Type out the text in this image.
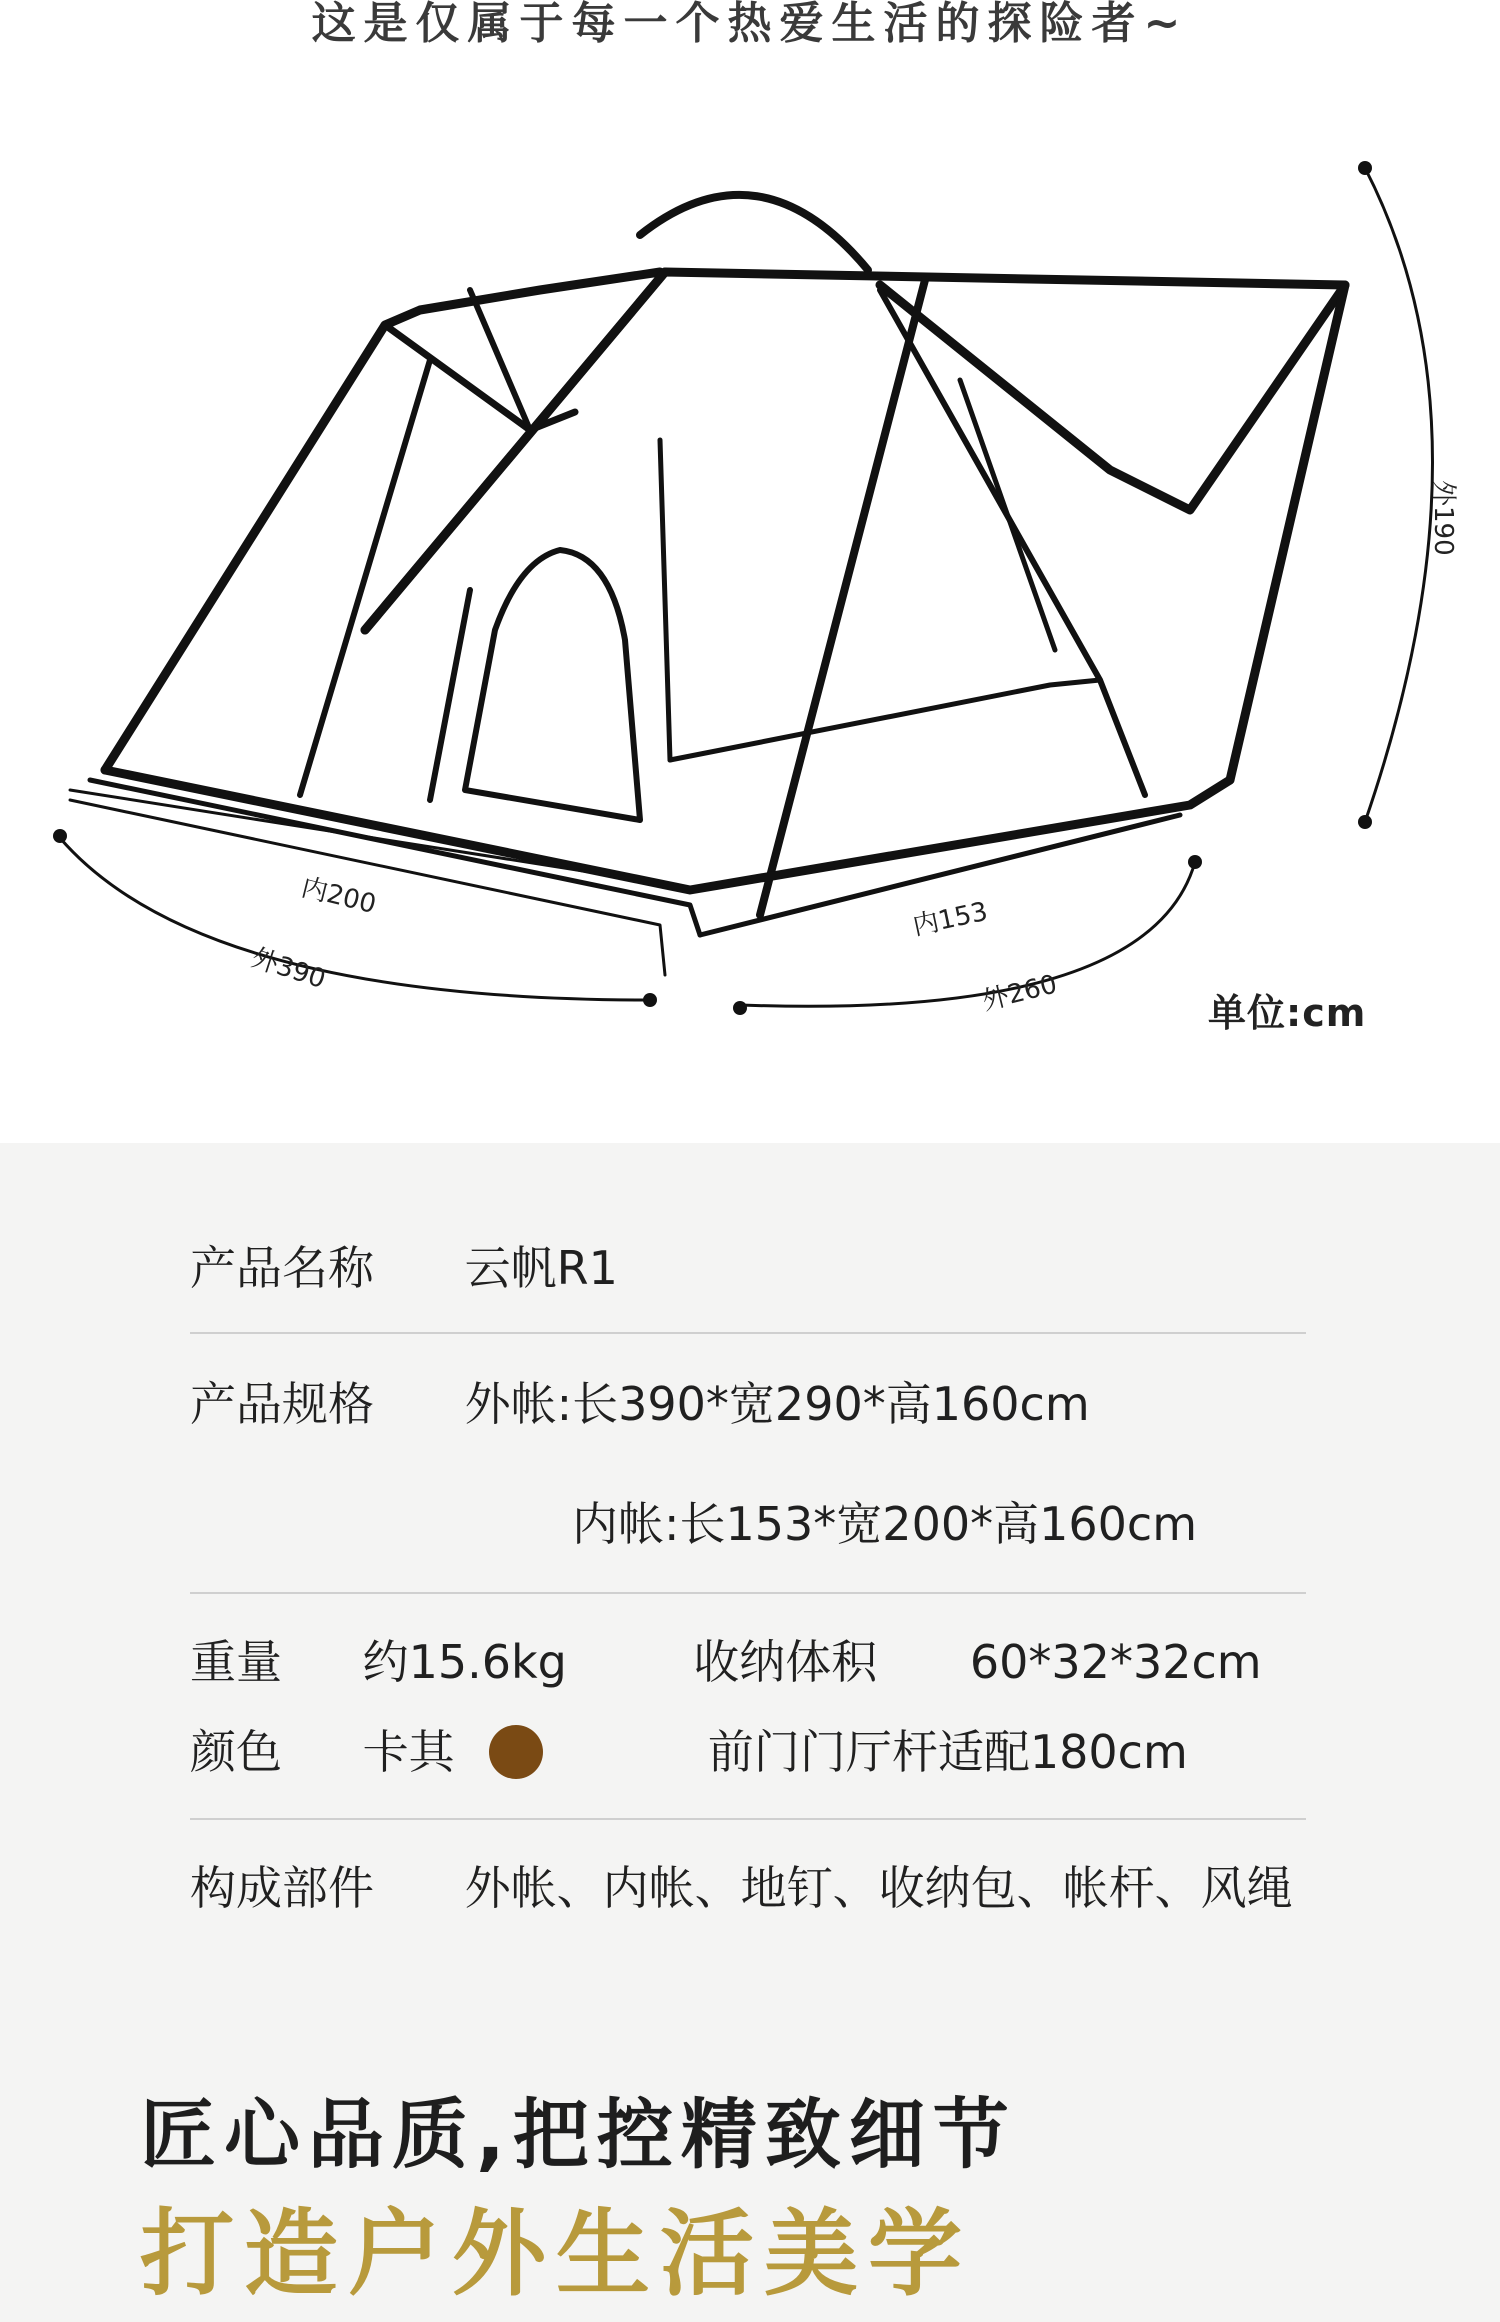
这是仅属于每一个热爱生活的探险者~
内200
外390
内153
外260
外190
单位:cm
产品名称 云帆R1
产品规格 外帐:长390*宽290*高160cm
内帐:长153*宽200*高160cm
重量 约15.6kg	收纳体积 60*32*32cm
颜色 卡其	前门门厅杆适配180cm
构成部件 外帐、内帐、地钉、收纳包、帐杆、风绳
匠心品质,把控精致细节
打造户外生活美学
